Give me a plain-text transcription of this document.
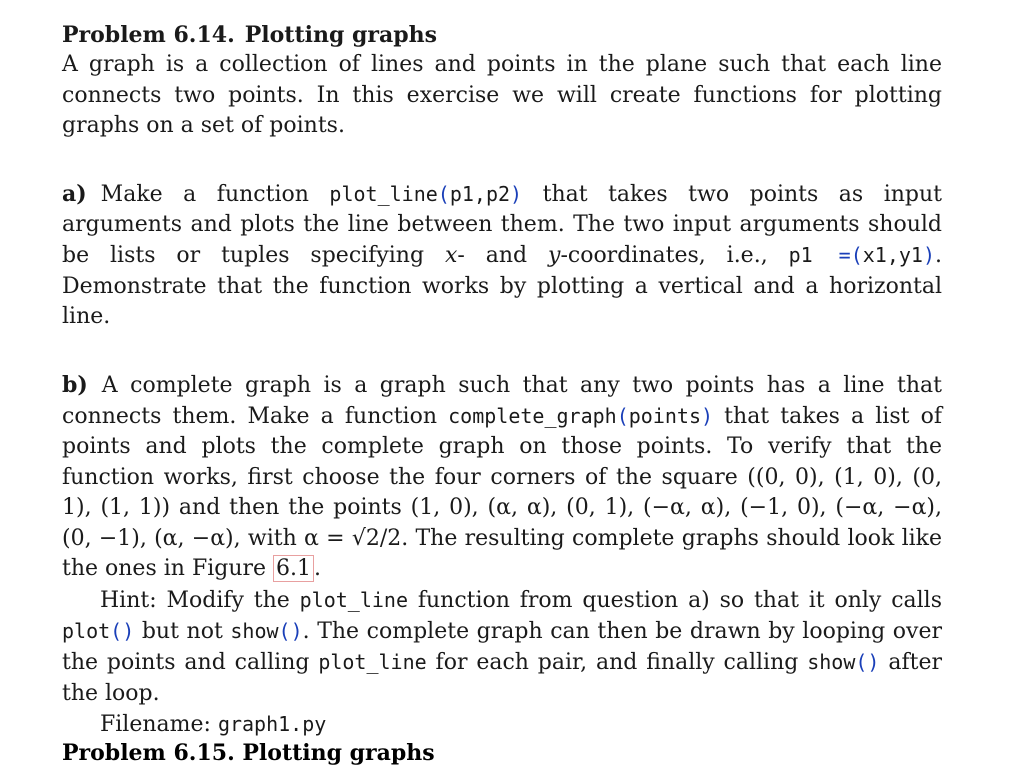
Problem 6.14. Plotting graphs

A graph is a collection of lines and points in the plane such that each line connects two points. In this exercise we will create functions for plotting graphs on a set of points.

a) Make a function plot_line(p1,p2) that takes two points as input arguments and plots the line between them. The two input arguments should be lists or tuples specifying x- and y-coordinates, i.e., p1 =(x1,y1). Demonstrate that the function works by plotting a vertical and a horizontal line.

b) A complete graph is a graph such that any two points has a line that connects them. Make a function complete_graph(points) that takes a list of points and plots the complete graph on those points. To verify that the function works, first choose the four corners of the square ((0, 0), (1, 0), (0, 1), (1, 1)) and then the points (1, 0), (α, α), (0, 1), (−α, α), (−1, 0), (−α, −α), (0, −1), (α, −α), with α = √2/2. The resulting complete graphs should look like the ones in Figure 6.1 .

Hint: Modify the plot_line function from question a) so that it only calls plot() but not show(). The complete graph can then be drawn by looping over the points and calling plot_line for each pair, and finally calling show() after the loop.

Filename: graph1.py

Problem 6.15. Plotting graphs
